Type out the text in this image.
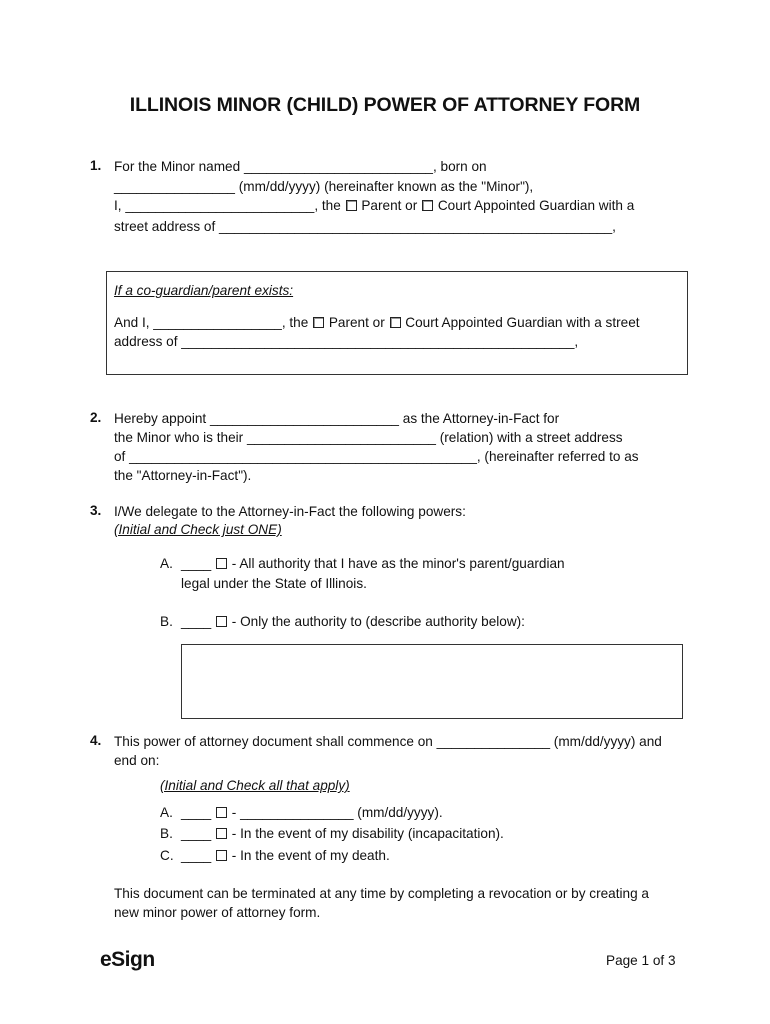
ILLINOIS MINOR (CHILD) POWER OF ATTORNEY FORM
1. For the Minor named _________________________, born on
________________ (mm/dd/yyyy) (hereinafter known as the "Minor"),
I, _________________________, the  Parent or  Court Appointed Guardian with a
street address of ____________________________________________________,
If a co-guardian/parent exists:
And I, _________________, the  Parent or  Court Appointed Guardian with a street
address of ____________________________________________________,
2. Hereby appoint _________________________ as the Attorney-in-Fact for
the Minor who is their _________________________ (relation) with a street address
of ______________________________________________, (hereinafter referred to as
the "Attorney-in-Fact").
3. I/We delegate to the Attorney-in-Fact the following powers:
(Initial and Check just ONE)
A. ____  - All authority that I have as the minor's parent/guardian
legal under the State of Illinois.
B. ____  - Only the authority to (describe authority below):
4. This power of attorney document shall commence on _______________ (mm/dd/yyyy) and
end on:
(Initial and Check all that apply)
A. ____  - _______________ (mm/dd/yyyy).
B. ____  - In the event of my disability (incapacitation).
C. ____  - In the event of my death.
This document can be terminated at any time by completing a revocation or by creating a
new minor power of attorney form.
eSign	Page 1 of 3
